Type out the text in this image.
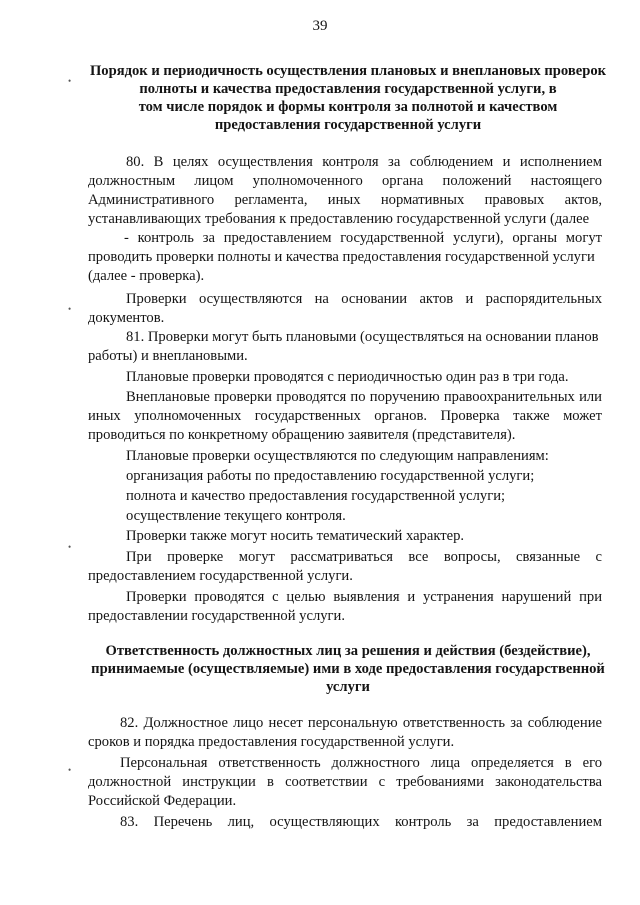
39
•
•
•
•
Порядок и периодичность осуществления плановых и внеплановых проверок
полноты и качества предоставления государственной услуги, в
том числе порядок и формы контроля за полнотой и качеством
предоставления государственной услуги
80. В целях осуществления контроля за соблюдением и исполнением
должностным лицом уполномоченного органа положений настоящего
Административного регламента, иных нормативных правовых актов,
устанавливающих требования к предоставлению государственной услуги (далее
- контроль за предоставлением государственной услуги), органы могут
проводить проверки полноты и качества предоставления государственной услуги
(далее - проверка).
Проверки осуществляются на основании актов и распорядительных
документов.
81. Проверки могут быть плановыми (осуществляться на основании планов
работы) и внеплановыми.
Плановые проверки проводятся с периодичностью один раз в три года.
Внеплановые проверки проводятся по поручению правоохранительных или
иных уполномоченных государственных органов. Проверка также может
проводиться по конкретному обращению заявителя (представителя).
Плановые проверки осуществляются по следующим направлениям:
организация работы по предоставлению государственной услуги;
полнота и качество предоставления государственной услуги;
осуществление текущего контроля.
Проверки также могут носить тематический характер.
При проверке могут рассматриваться все вопросы, связанные с
предоставлением государственной услуги.
Проверки проводятся с целью выявления и устранения нарушений при
предоставлении государственной услуги.
Ответственность должностных лиц за решения и действия (бездействие),
принимаемые (осуществляемые) ими в ходе предоставления государственной
услуги
82. Должностное лицо несет персональную ответственность за соблюдение
сроков и порядка предоставления государственной услуги.
Персональная ответственность должностного лица определяется в его
должностной инструкции в соответствии с требованиями законодательства
Российской Федерации.
83. Перечень лиц, осуществляющих контроль за предоставлением
